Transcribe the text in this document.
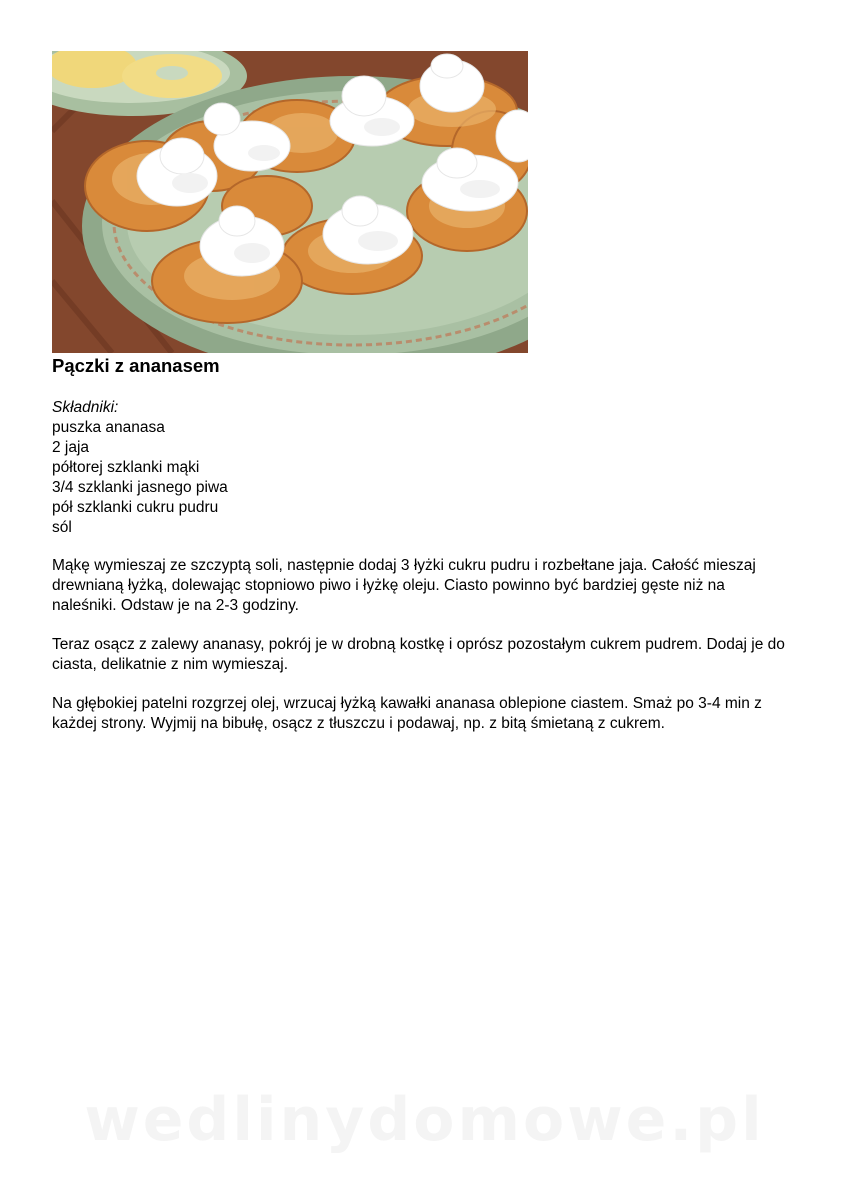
Pączki z ananasem
Składniki:
puszka ananasa
2 jaja
półtorej szklanki mąki
3/4 szklanki jasnego piwa
pół szklanki cukru pudru
sól

Mąkę wymieszaj ze szczyptą soli, następnie dodaj 3 łyżki cukru pudru i rozbełtane jaja. Całość mieszaj drewnianą łyżką, dolewając stopniowo piwo i łyżkę oleju. Ciasto powinno być bardziej gęste niż na naleśniki. Odstaw je na 2-3 godziny.

Teraz osącz z zalewy ananasy, pokrój je w drobną kostkę i oprósz pozostałym cukrem pudrem. Dodaj je do ciasta, delikatnie z nim wymieszaj.

Na głębokiej patelni rozgrzej olej, wrzucaj łyżką kawałki ananasa oblepione ciastem. Smaż po 3-4 min z każdej strony. Wyjmij na bibułę, osącz z tłuszczu i podawaj, np. z bitą śmietaną z cukrem.

wedlinydomowe.pl
